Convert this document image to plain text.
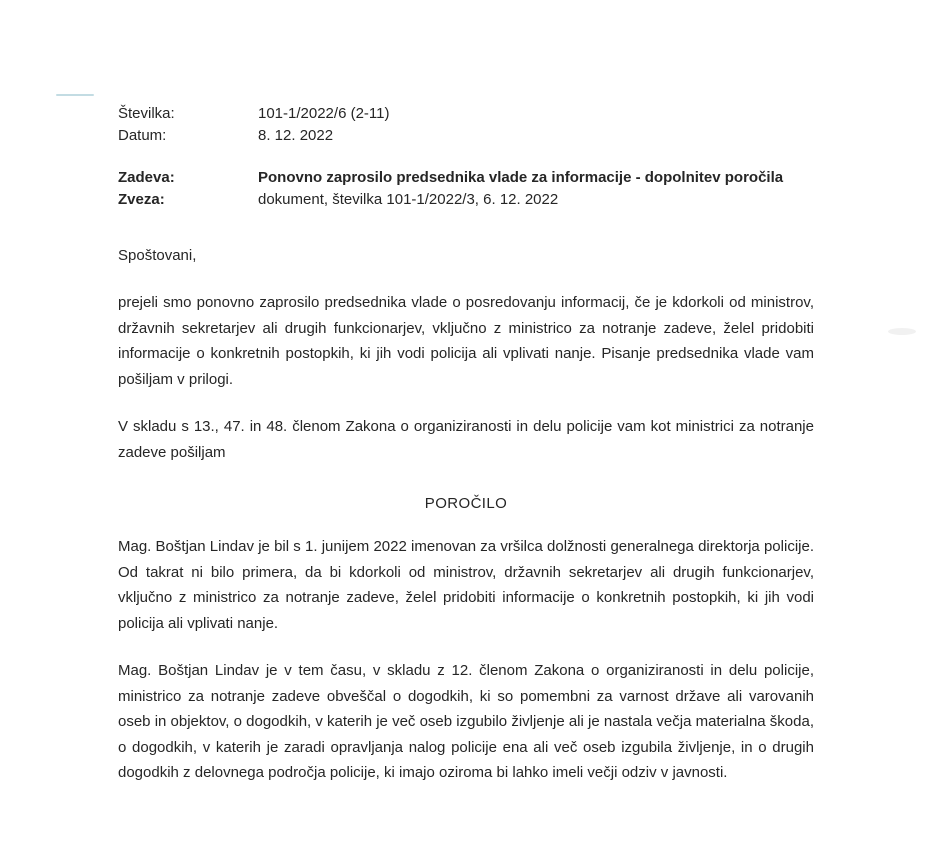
Številka:	101-1/2022/6 (2-11)
Datum:	8. 12. 2022
Zadeva:	Ponovno zaprosilo predsednika vlade za informacije - dopolnitev poročila
Zveza:	dokument, številka 101-1/2022/3, 6. 12. 2022

Spoštovani,

prejeli smo ponovno zaprosilo predsednika vlade o posredovanju informacij, če je kdorkoli od ministrov, državnih sekretarjev ali drugih funkcionarjev, vključno z ministrico za notranje zadeve, želel pridobiti informacije o konkretnih postopkih, ki jih vodi policija ali vplivati nanje. Pisanje predsednika vlade vam pošiljam v prilogi.

V skladu s 13., 47. in 48. členom Zakona o organiziranosti in delu policije vam kot ministrici za notranje zadeve pošiljam

POROČILO

Mag. Boštjan Lindav je bil s 1. junijem 2022 imenovan za vršilca dolžnosti generalnega direktorja policije. Od takrat ni bilo primera, da bi kdorkoli od ministrov, državnih sekretarjev ali drugih funkcionarjev, vključno z ministrico za notranje zadeve, želel pridobiti informacije o konkretnih postopkih, ki jih vodi policija ali vplivati nanje.

Mag. Boštjan Lindav je v tem času, v skladu z 12. členom Zakona o organiziranosti in delu policije, ministrico za notranje zadeve obveščal o dogodkih, ki so pomembni za varnost države ali varovanih oseb in objektov, o dogodkih, v katerih je več oseb izgubilo življenje ali je nastala večja materialna škoda, o dogodkih, v katerih je zaradi opravljanja nalog policije ena ali več oseb izgubila življenje, in o drugih dogodkih z delovnega področja policije, ki imajo oziroma bi lahko imeli večji odziv v javnosti.
